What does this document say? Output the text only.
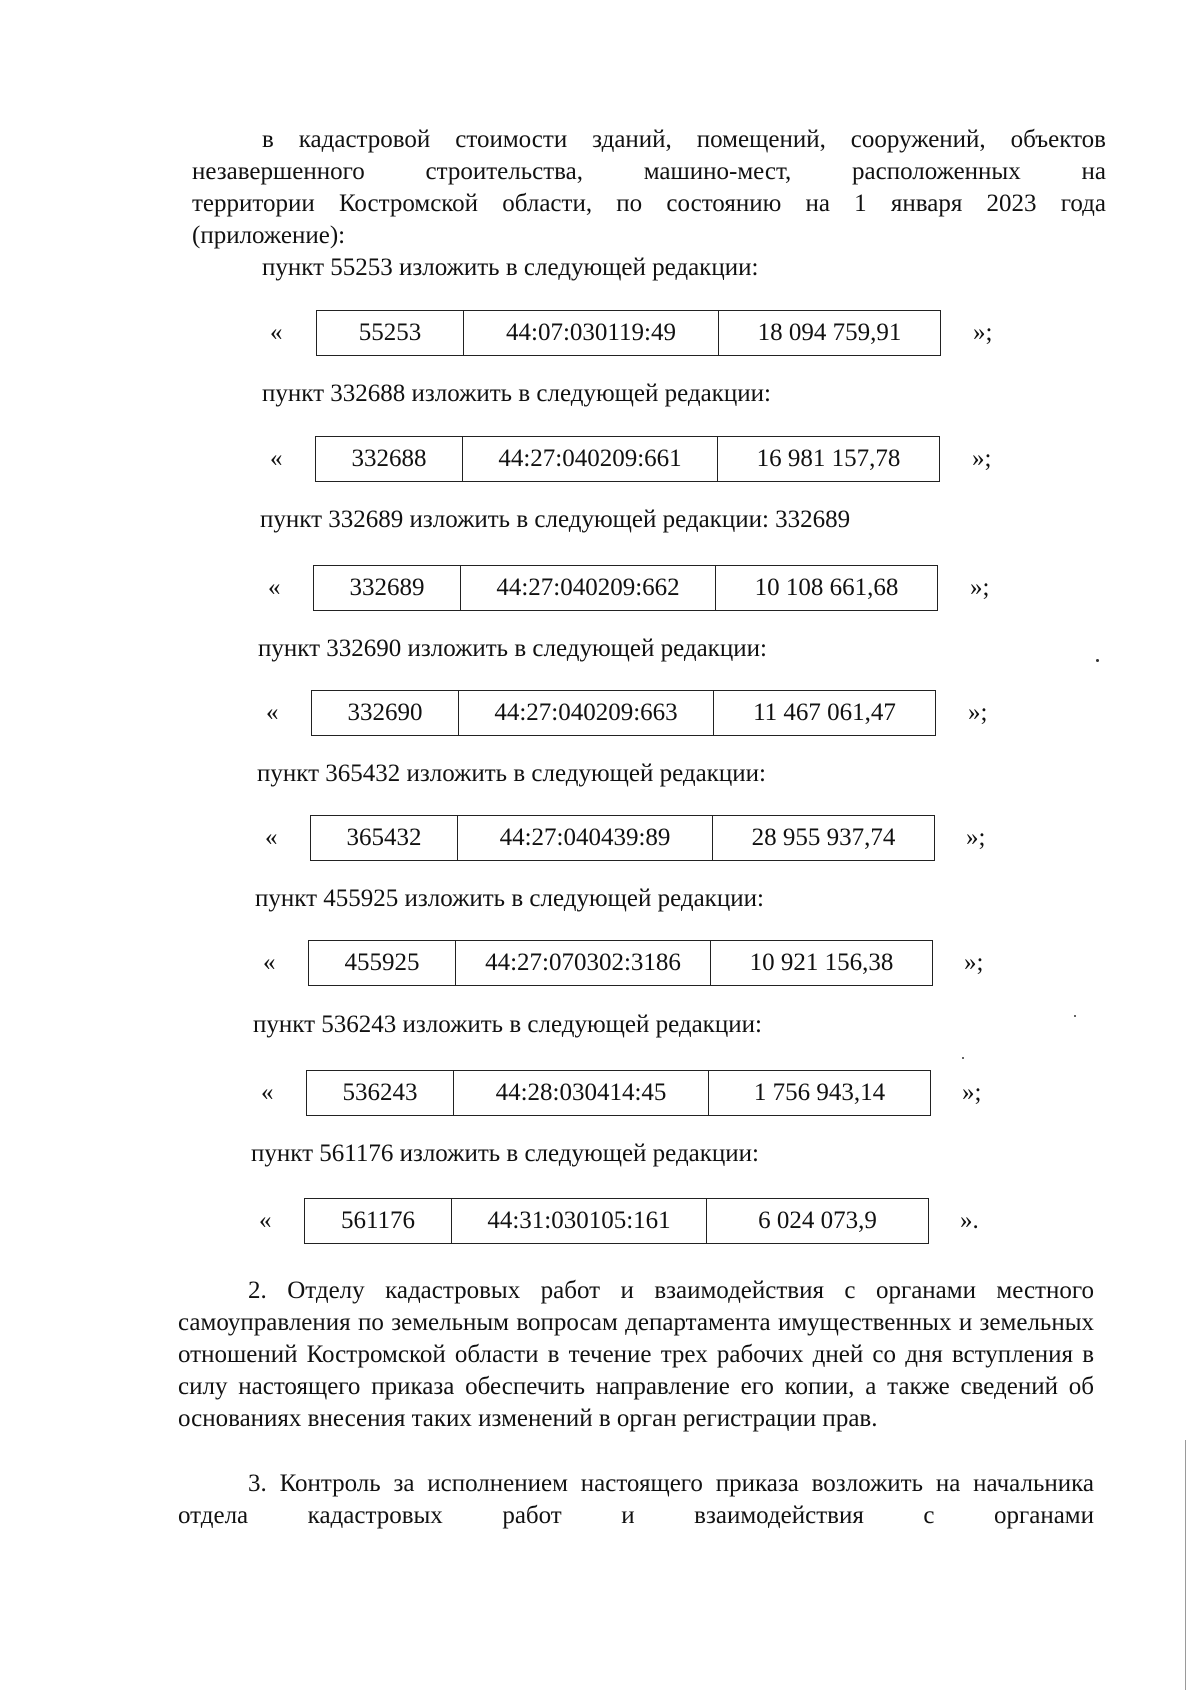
в кадастровой стоимости зданий, помещений, сооружений, объектов
незавершенного строительства, машино-мест, расположенных на
территории Костромской области, по состоянию на 1 января 2023 года
(приложение):
пункт 55253 изложить в следующей редакции:
«	55253	44:07:030119:49	18 094 759,91	»;
пункт 332688 изложить в следующей редакции:
«	332688	44:27:040209:661	16 981 157,78	»;
пункт 332689 изложить в следующей редакции: 332689
«	332689	44:27:040209:662	10 108 661,68	»;
пункт 332690 изложить в следующей редакции:
«	332690	44:27:040209:663	11 467 061,47	»;
пункт 365432 изложить в следующей редакции:
«	365432	44:27:040439:89	28 955 937,74	»;
пункт 455925 изложить в следующей редакции:
«	455925	44:27:070302:3186	10 921 156,38	»;
пункт 536243 изложить в следующей редакции:
«	536243	44:28:030414:45	1 756 943,14	»;
пункт 561176 изложить в следующей редакции:
«	561176	44:31:030105:161	6 024 073,9	».
2. Отделу кадастровых работ и взаимодействия с органами местного самоуправления по земельным вопросам департамента имущественных и земельных отношений Костромской области в течение трех рабочих дней со дня вступления в силу настоящего приказа обеспечить направление его копии, а также сведений об основаниях внесения таких изменений в орган регистрации прав.
3. Контроль за исполнением настоящего приказа возложить на начальника отдела кадастровых работ и взаимодействия с органами
